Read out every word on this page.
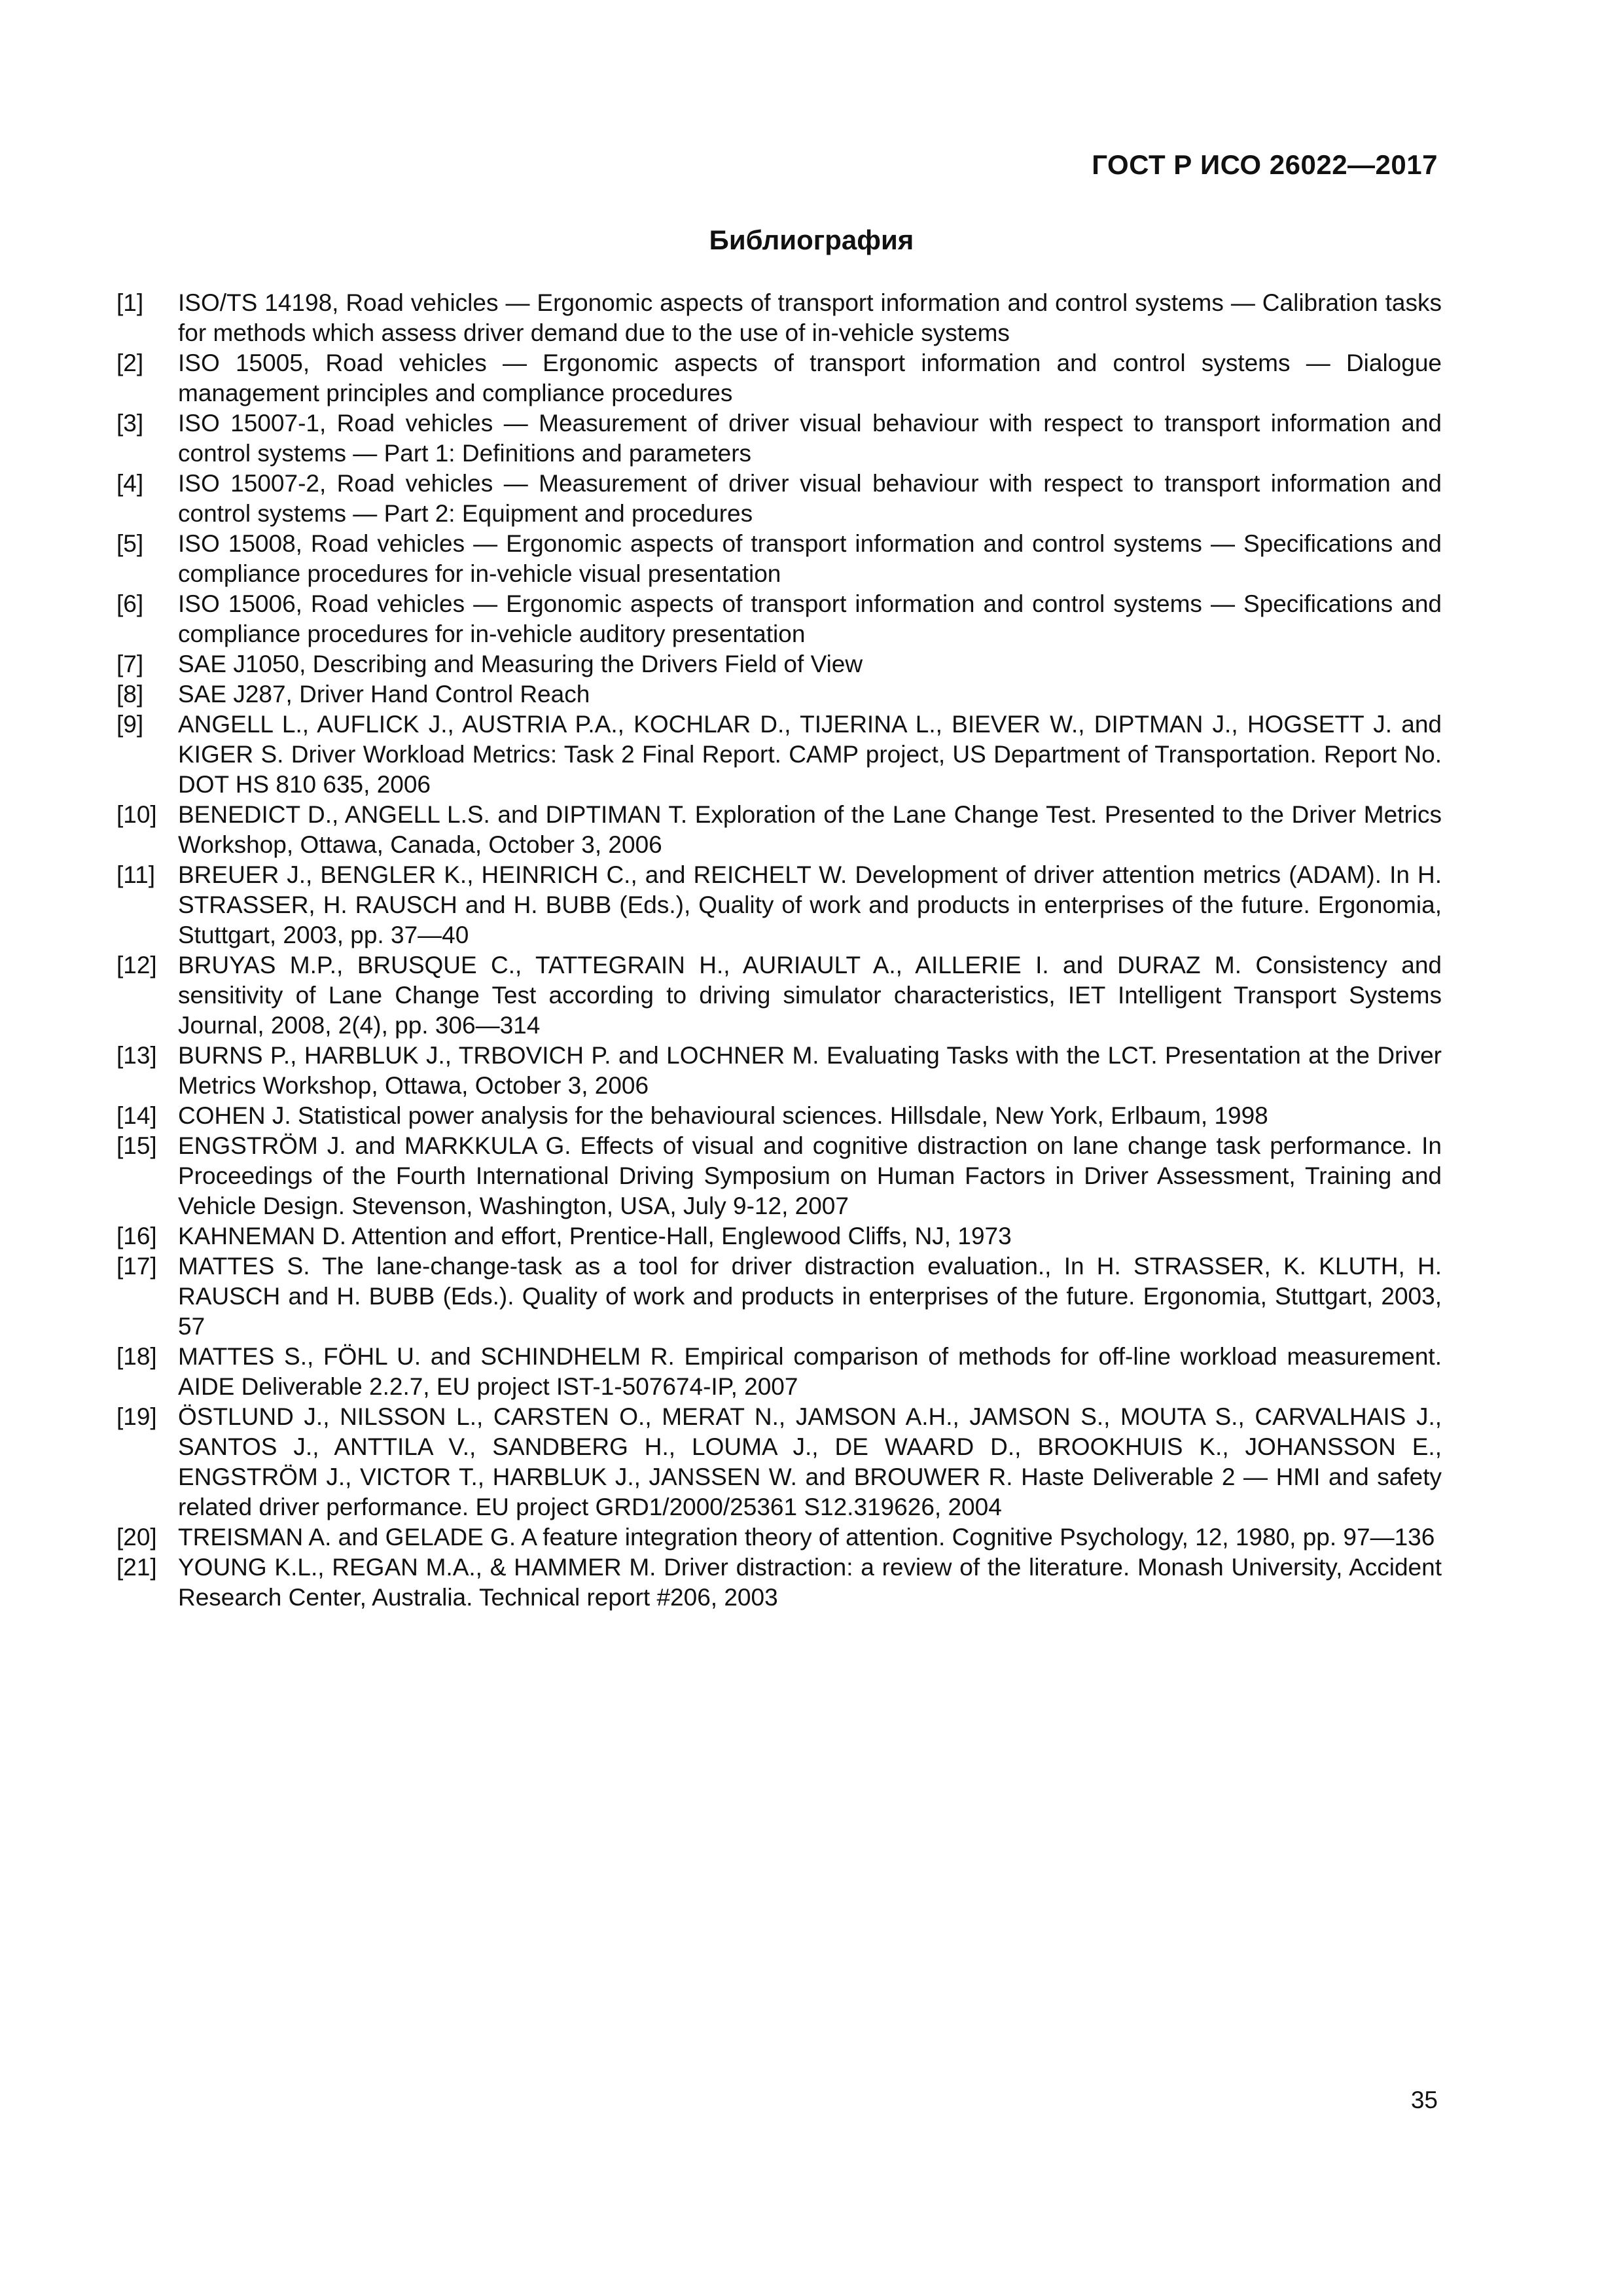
ГОСТ Р ИСО 26022—2017
Библиография
[1]	ISO/TS 14198, Road vehicles — Ergonomic aspects of transport information and control systems — Calibration tasks for methods which assess driver demand due to the use of in-vehicle systems
[2]	ISO 15005, Road vehicles — Ergonomic aspects of transport information and control systems — Dialogue management principles and compliance procedures
[3]	ISO 15007-1, Road vehicles — Measurement of driver visual behaviour with respect to transport information and control systems — Part 1: Definitions and parameters
[4]	ISO 15007-2, Road vehicles — Measurement of driver visual behaviour with respect to transport information and control systems — Part 2: Equipment and procedures
[5]	ISO 15008, Road vehicles — Ergonomic aspects of transport information and control systems — Specifications and compliance procedures for in-vehicle visual presentation
[6]	ISO 15006, Road vehicles — Ergonomic aspects of transport information and control systems — Specifications and compliance procedures for in-vehicle auditory presentation
[7]	SAE J1050, Describing and Measuring the Drivers Field of View
[8]	SAE J287, Driver Hand Control Reach
[9]	ANGELL L., AUFLICK J., AUSTRIA P.A., KOCHLAR D., TIJERINA L., BIEVER W., DIPTMAN J., HOGSETT J. and KIGER S. Driver Workload Metrics: Task 2 Final Report. CAMP project, US Department of Transportation. Report No. DOT HS 810 635, 2006
[10] BENEDICT D., ANGELL L.S. and DIPTIMAN T. Exploration of the Lane Change Test. Presented to the Driver Metrics Workshop, Ottawa, Canada, October 3, 2006
[11] BREUER J., BENGLER K., HEINRICH C., and REICHELT W. Development of driver attention metrics (ADAM). In H. STRASSER, H. RAUSCH and H. BUBB (Eds.), Quality of work and products in enterprises of the future. Ergonomia, Stuttgart, 2003, pp. 37—40
[12] BRUYAS M.P., BRUSQUE C., TATTEGRAIN H., AURIAULT A., AILLERIE I. and DURAZ M. Consistency and sensitivity of Lane Change Test according to driving simulator characteristics, IET Intelligent Transport Systems Journal, 2008, 2(4), pp. 306—314
[13] BURNS P., HARBLUK J., TRBOVICH P. and LOCHNER M. Evaluating Tasks with the LCT. Presentation at the Driver Metrics Workshop, Ottawa, October 3, 2006
[14] COHEN J. Statistical power analysis for the behavioural sciences. Hillsdale, New York, Erlbaum, 1998
[15] ENGSTRÖM J. and MARKKULA G. Effects of visual and cognitive distraction on lane change task performance. In Proceedings of the Fourth International Driving Symposium on Human Factors in Driver Assessment, Training and Vehicle Design. Stevenson, Washington, USA, July 9-12, 2007
[16] KAHNEMAN D. Attention and effort, Prentice-Hall, Englewood Cliffs, NJ, 1973
[17] MATTES S. The lane-change-task as a tool for driver distraction evaluation., In H. STRASSER, K. KLUTH, H. RAUSCH and H. BUBB (Eds.). Quality of work and products in enterprises of the future. Ergonomia, Stuttgart, 2003, 57
[18] MATTES S., FÖHL U. and SCHINDHELM R. Empirical comparison of methods for off-line workload measurement. AIDE Deliverable 2.2.7, EU project IST-1-507674-IP, 2007
[19] ÖSTLUND J., NILSSON L., CARSTEN O., MERAT N., JAMSON A.H., JAMSON S., MOUTA S., CARVALHAIS J., SANTOS J., ANTTILA V., SANDBERG H., LOUMA J., DE WAARD D., BROOKHUIS K., JOHANSSON E., ENGSTRÖM J., VICTOR T., HARBLUK J., JANSSEN W. and BROUWER R. Haste Deliverable 2 — HMI and safety related driver performance. EU project GRD1/2000/25361 S12.319626, 2004
[20] TREISMAN A. and GELADE G. A feature integration theory of attention. Cognitive Psychology, 12, 1980, pp. 97—136
[21] YOUNG K.L., REGAN M.A., & HAMMER M. Driver distraction: a review of the literature. Monash University, Accident Research Center, Australia. Technical report #206, 2003
35
